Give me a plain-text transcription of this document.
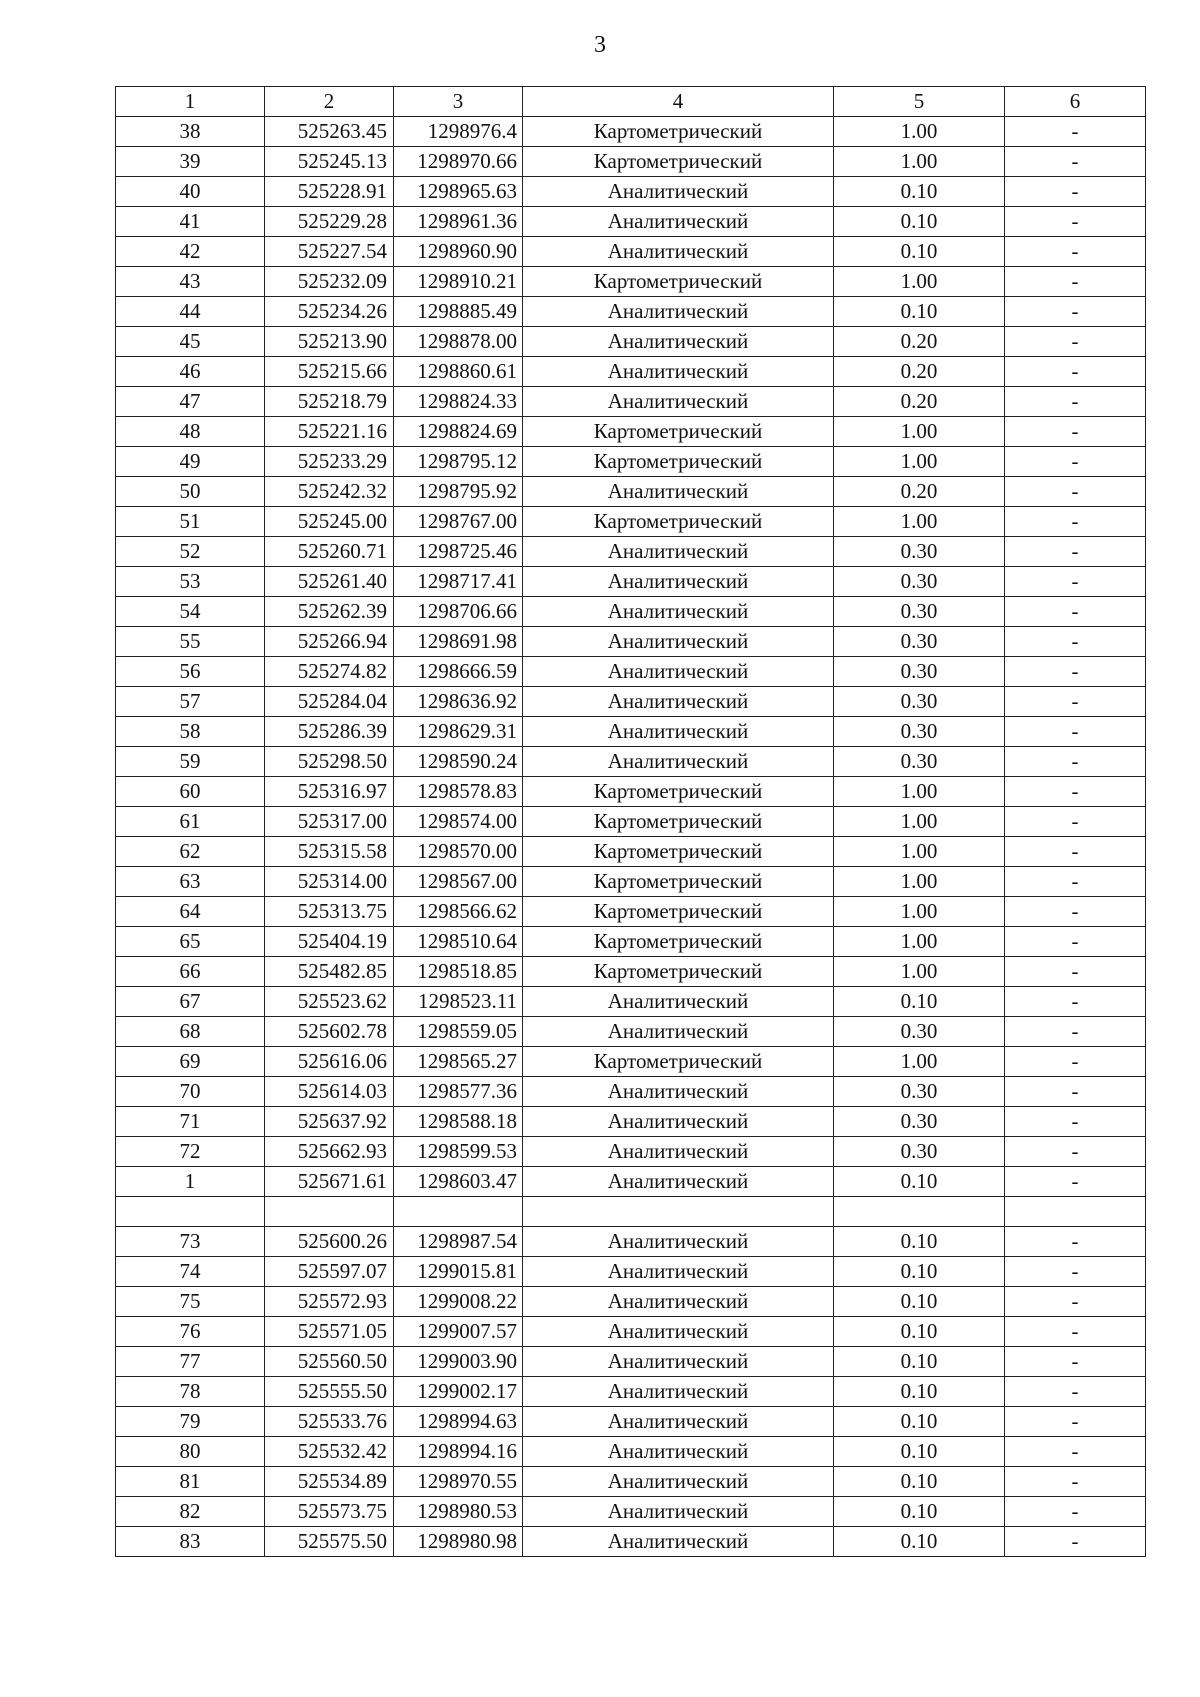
3
1	2	3	4	5	6
38	525263.45	1298976.4	Картометрический	1.00	-
39	525245.13	1298970.66	Картометрический	1.00	-
40	525228.91	1298965.63	Аналитический	0.10	-
41	525229.28	1298961.36	Аналитический	0.10	-
42	525227.54	1298960.90	Аналитический	0.10	-
43	525232.09	1298910.21	Картометрический	1.00	-
44	525234.26	1298885.49	Аналитический	0.10	-
45	525213.90	1298878.00	Аналитический	0.20	-
46	525215.66	1298860.61	Аналитический	0.20	-
47	525218.79	1298824.33	Аналитический	0.20	-
48	525221.16	1298824.69	Картометрический	1.00	-
49	525233.29	1298795.12	Картометрический	1.00	-
50	525242.32	1298795.92	Аналитический	0.20	-
51	525245.00	1298767.00	Картометрический	1.00	-
52	525260.71	1298725.46	Аналитический	0.30	-
53	525261.40	1298717.41	Аналитический	0.30	-
54	525262.39	1298706.66	Аналитический	0.30	-
55	525266.94	1298691.98	Аналитический	0.30	-
56	525274.82	1298666.59	Аналитический	0.30	-
57	525284.04	1298636.92	Аналитический	0.30	-
58	525286.39	1298629.31	Аналитический	0.30	-
59	525298.50	1298590.24	Аналитический	0.30	-
60	525316.97	1298578.83	Картометрический	1.00	-
61	525317.00	1298574.00	Картометрический	1.00	-
62	525315.58	1298570.00	Картометрический	1.00	-
63	525314.00	1298567.00	Картометрический	1.00	-
64	525313.75	1298566.62	Картометрический	1.00	-
65	525404.19	1298510.64	Картометрический	1.00	-
66	525482.85	1298518.85	Картометрический	1.00	-
67	525523.62	1298523.11	Аналитический	0.10	-
68	525602.78	1298559.05	Аналитический	0.30	-
69	525616.06	1298565.27	Картометрический	1.00	-
70	525614.03	1298577.36	Аналитический	0.30	-
71	525637.92	1298588.18	Аналитический	0.30	-
72	525662.93	1298599.53	Аналитический	0.30	-
1	525671.61	1298603.47	Аналитический	0.10	-

73	525600.26	1298987.54	Аналитический	0.10	-
74	525597.07	1299015.81	Аналитический	0.10	-
75	525572.93	1299008.22	Аналитический	0.10	-
76	525571.05	1299007.57	Аналитический	0.10	-
77	525560.50	1299003.90	Аналитический	0.10	-
78	525555.50	1299002.17	Аналитический	0.10	-
79	525533.76	1298994.63	Аналитический	0.10	-
80	525532.42	1298994.16	Аналитический	0.10	-
81	525534.89	1298970.55	Аналитический	0.10	-
82	525573.75	1298980.53	Аналитический	0.10	-
83	525575.50	1298980.98	Аналитический	0.10	-
